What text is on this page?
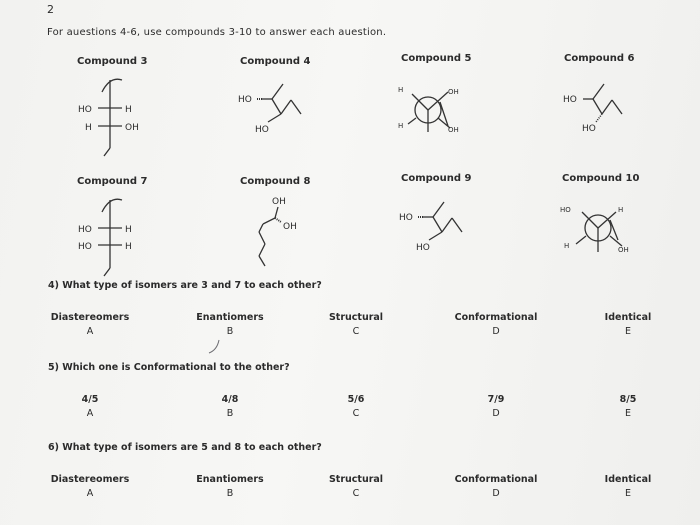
2
For auestions 4-6, use compounds 3-10 to answer each auestion.
Compound 3	Compound 4	Compound 5	Compound 6
HO	H
H	OH
HO
HO
H	OH
H	OH
HO
HO
Compound 7	Compound 8	Compound 9	Compound 10
HO	H
HO	H
OH
OH
HO
HO
HO	H
H	OH
4) What type of isomers are 3 and 7 to each other?
Diastereomers
A
Enantiomers
B
Structural
C
Conformational
D
Identical
E
5) Which one is Conformational to the other?
4/5
A
4/8
B
5/6
C
7/9
D
8/5
E
6) What type of isomers are 5 and 8 to each other?
Diastereomers
A
Enantiomers
B
Structural
C
Conformational
D
Identical
E
